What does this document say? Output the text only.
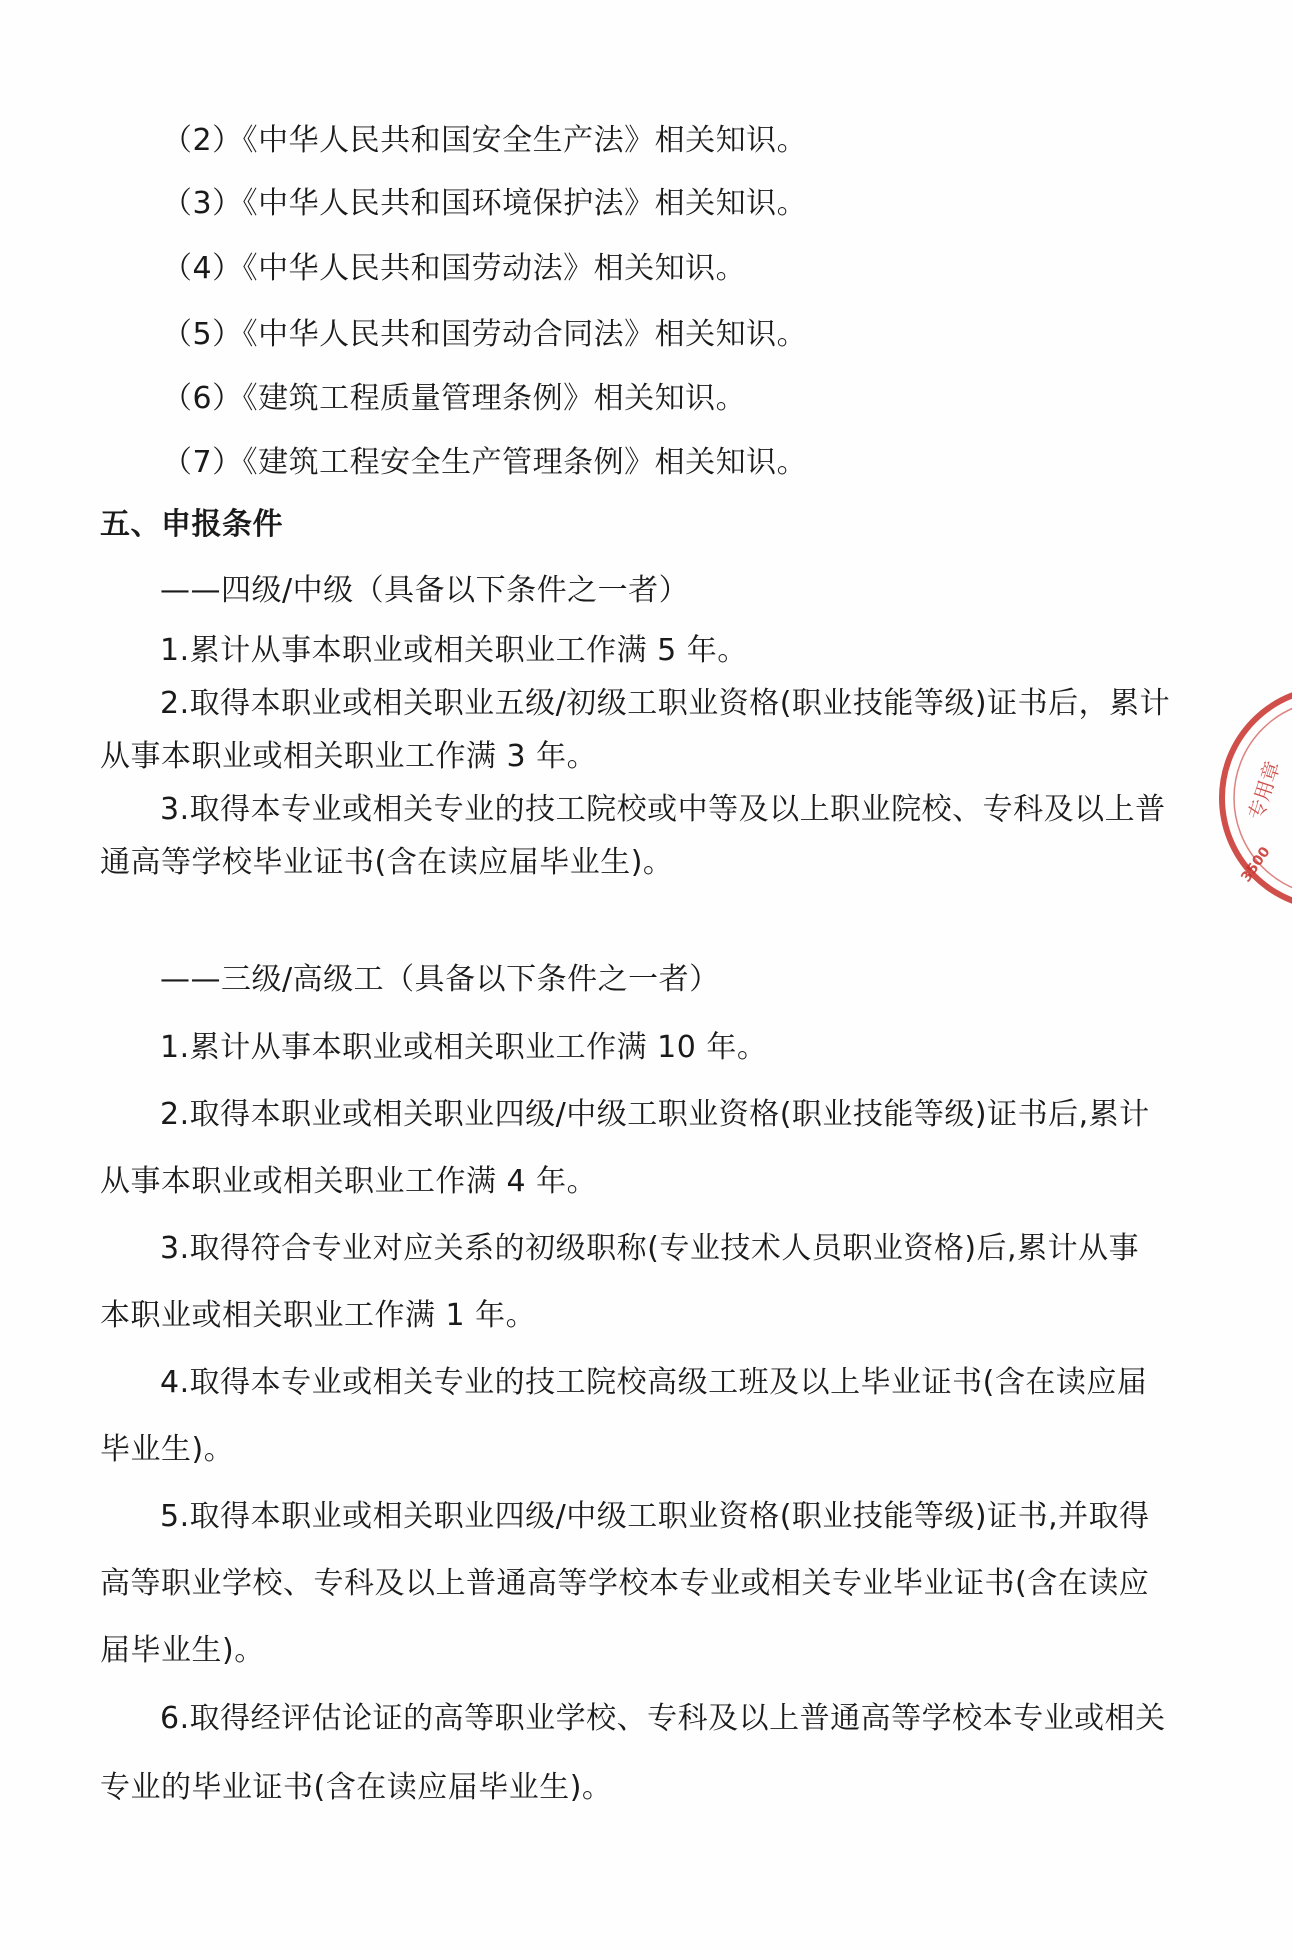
（2）《中华人民共和国安全生产法》相关知识。
（3）《中华人民共和国环境保护法》相关知识。
（4）《中华人民共和国劳动法》相关知识。
（5）《中华人民共和国劳动合同法》相关知识。
（6）《建筑工程质量管理条例》相关知识。
（7）《建筑工程安全生产管理条例》相关知识。
五、申报条件
——四级/中级（具备以下条件之一者）
1.累计从事本职业或相关职业工作满 5 年。
2.取得本职业或相关职业五级/初级工职业资格(职业技能等级)证书后，累计
从事本职业或相关职业工作满 3 年。
3.取得本专业或相关专业的技工院校或中等及以上职业院校、专科及以上普
通高等学校毕业证书(含在读应届毕业生)。
——三级/高级工（具备以下条件之一者）
1.累计从事本职业或相关职业工作满 10 年。
2.取得本职业或相关职业四级/中级工职业资格(职业技能等级)证书后,累计
从事本职业或相关职业工作满 4 年。
3.取得符合专业对应关系的初级职称(专业技术人员职业资格)后,累计从事
本职业或相关职业工作满 1 年。
4.取得本专业或相关专业的技工院校高级工班及以上毕业证书(含在读应届
毕业生)。
5.取得本职业或相关职业四级/中级工职业资格(职业技能等级)证书,并取得
高等职业学校、专科及以上普通高等学校本专业或相关专业毕业证书(含在读应
届毕业生)。
6.取得经评估论证的高等职业学校、专科及以上普通高等学校本专业或相关
专业的毕业证书(含在读应届毕业生)。
专用章
3500
